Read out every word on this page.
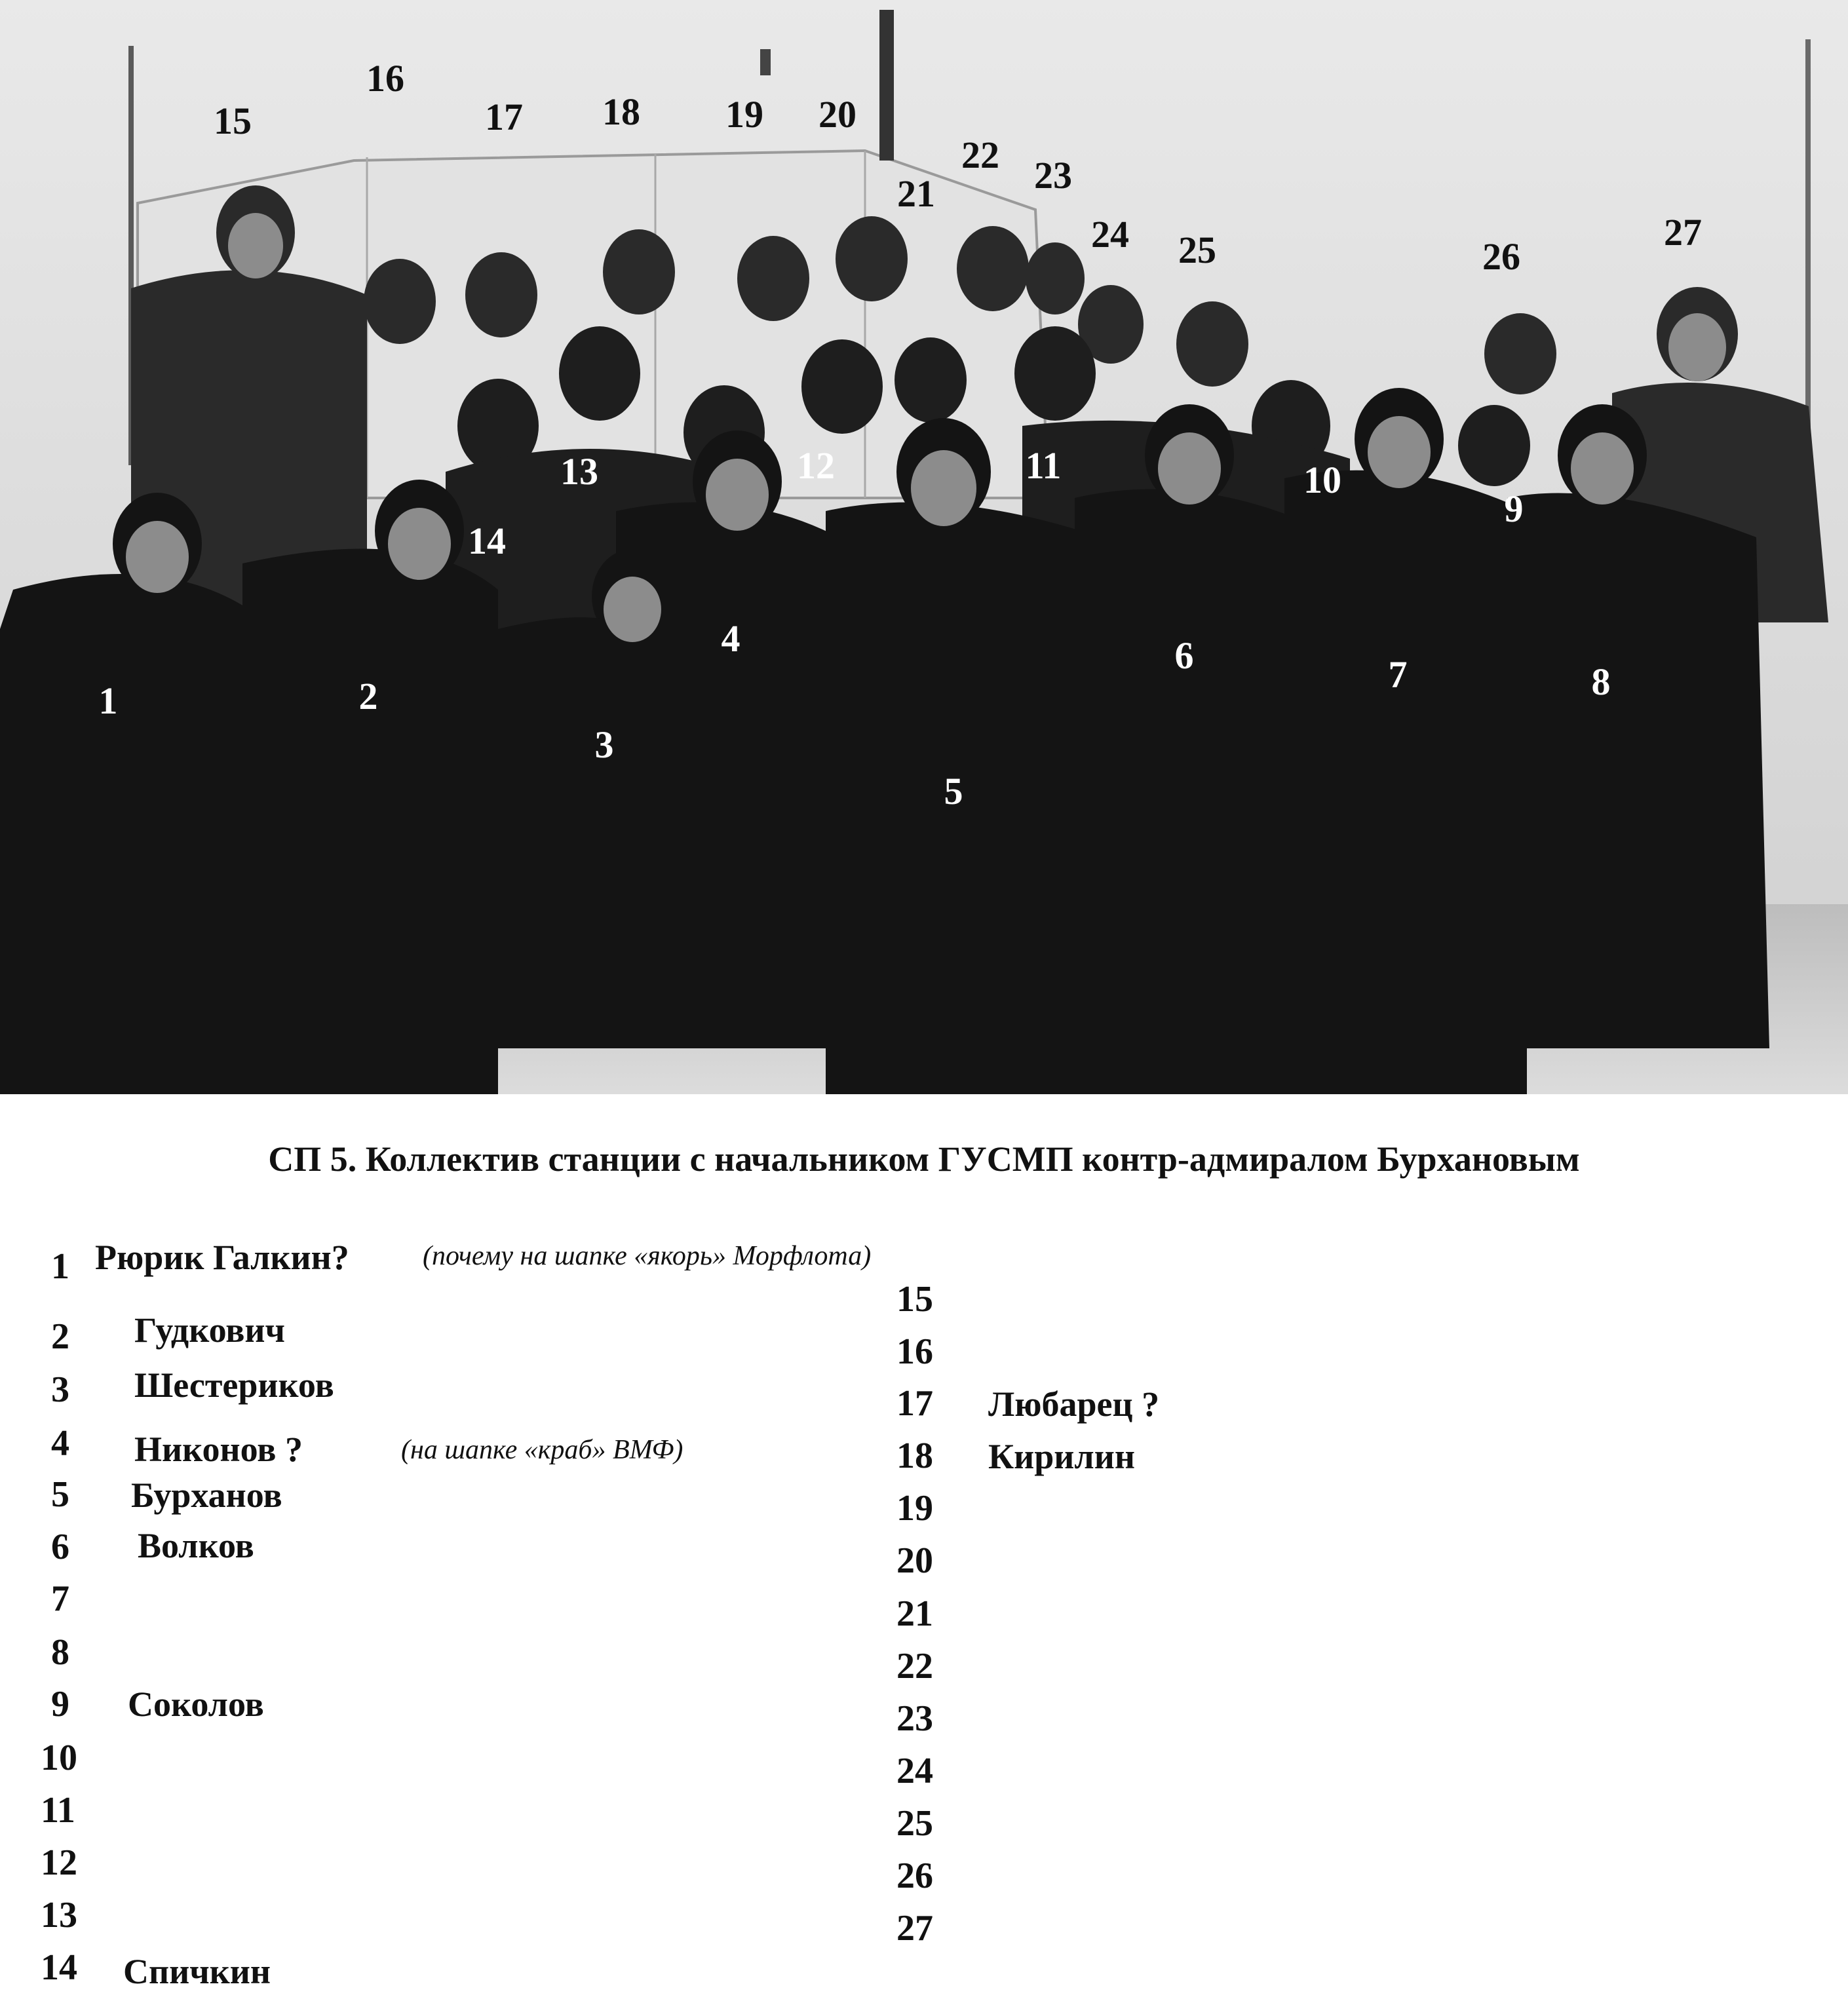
1	2
3
4
5
6	7	8
9
10
11
12
13
14
15
16
17 18 19 20
21
22 23
24 25	26
27
СП 5. Коллектив станции с начальником ГУСМП контр-адмиралом Бурхановым
1 Рюрик Галкин?	(почему на шапке «якорь» Морфлота)
2 Гудкович
3 Шестериков
4 Никонов ?	(на шапке «краб» ВМФ)
5 Бурханов
6 Волков
7
8
9 Соколов
10
11
12
13
14 Спичкин
15
16
17 Любарец ?
18 Кирилин
19
20
21
22
23
24
25
26
27
